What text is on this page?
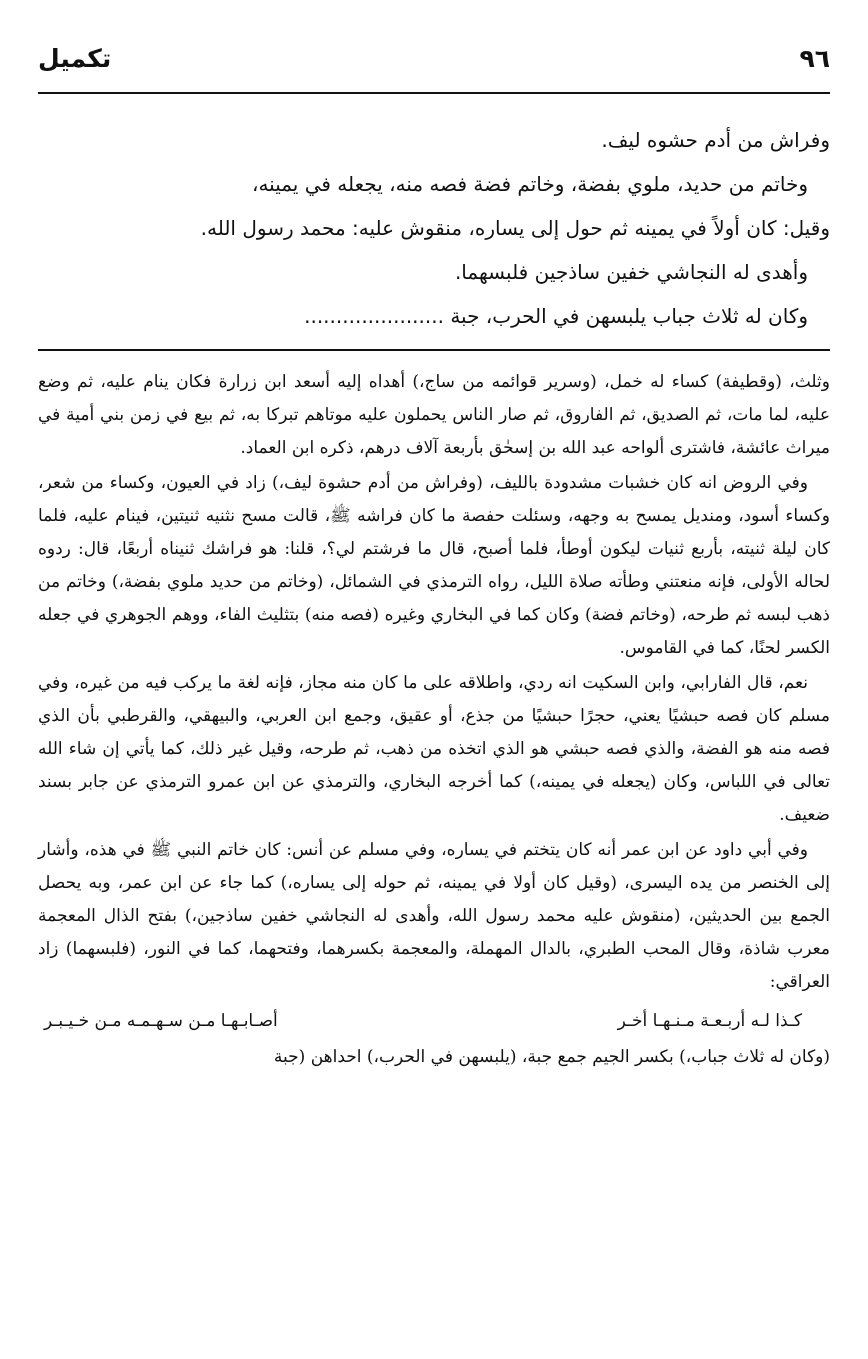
٩٦
تكميل

وفراش من أدم حشوه ليف.

وخاتم من حديد، ملوي بفضة، وخاتم فضة فصه منه، يجعله في يمينه،

وقيل: كان أولاً في يمينه ثم حول إلى يساره، منقوش عليه: محمد رسول الله.

وأهدى له النجاشي خفين ساذجين فلبسهما.

وكان له ثلاث جباب يلبسهن في الحرب، جبة ......................

وثلث، (وقطيفة) كساء له خمل، (وسرير قوائمه من ساج،) أهداه إليه أسعد ابن زرارة فكان ينام عليه، ثم وضع عليه، لما مات، ثم الصديق، ثم الفاروق، ثم صار الناس يحملون عليه موتاهم تبركا به، ثم بيع في زمن بني أمية في ميراث عائشة، فاشترى ألواحه عبد الله بن إسحٰق بأربعة آلاف درهم، ذكره ابن العماد.

وفي الروض انه كان خشبات مشدودة بالليف، (وفراش من أدم حشوة ليف،) زاد في العيون، وكساء من شعر، وكساء أسود، ومنديل يمسح به وجهه، وسئلت حفصة ما كان فراشه ﷺ، قالت مسح نثنيه ثنيتين، فينام عليه، فلما كان ليلة ثنيته، بأربع ثنيات ليكون أوطأ، فلما أصبح، قال ما فرشتم لي؟، قلنا: هو فراشك ثنيناه أربعًا، قال: ردوه لحاله الأولى، فإنه منعتني وطأته صلاة الليل، رواه الترمذي في الشمائل، (وخاتم من حديد ملوي بفضة،) وخاتم من ذهب لبسه ثم طرحه، (وخاتم فضة) وكان كما في البخاري وغيره (فصه منه) بتثليث الفاء، ووهم الجوهري في جعله الكسر لحنًا، كما في القاموس.

نعم، قال الفارابي، وابن السكيت انه ردي، واطلاقه على ما كان منه مجاز، فإنه لغة ما يركب فيه من غيره، وفي مسلم كان فصه حبشيًا يعني، حجرًا حبشيًا من جذع، أو عقيق، وجمع ابن العربي، والبيهقي، والقرطبي بأن الذي فصه منه هو الفضة، والذي فصه حبشي هو الذي اتخذه من ذهب، ثم طرحه، وقيل غير ذلك، كما يأتي إن شاء الله تعالى في اللباس، وكان (يجعله في يمينه،) كما أخرجه البخاري، والترمذي عن ابن عمرو الترمذي عن جابر بسند ضعيف.

وفي أبي داود عن ابن عمر أنه كان يتختم في يساره، وفي مسلم عن أنس: كان خاتم النبي ﷺ في هذه، وأشار إلى الخنصر من يده اليسرى، (وقيل كان أولا في يمينه، ثم حوله إلى يساره،) كما جاء عن ابن عمر، وبه يحصل الجمع بين الحديثين، (منقوش عليه محمد رسول الله، وأهدى له النجاشي خفين ساذجين،) بفتح الذال المعجمة معرب شاذة، وقال المحب الطبري، بالدال المهملة، والمعجمة بكسرهما، وفتحهما، كما في النور، (فلبسهما) زاد العراقي:

كـذا لـه أربـعـة مـنـهـا أخـر
أصـابـهـا مـن سـهـمـه مـن خـيـبـر

(وكان له ثلاث جباب،) بكسر الجيم جمع جبة، (يلبسهن في الحرب،) احداهن (جبة
